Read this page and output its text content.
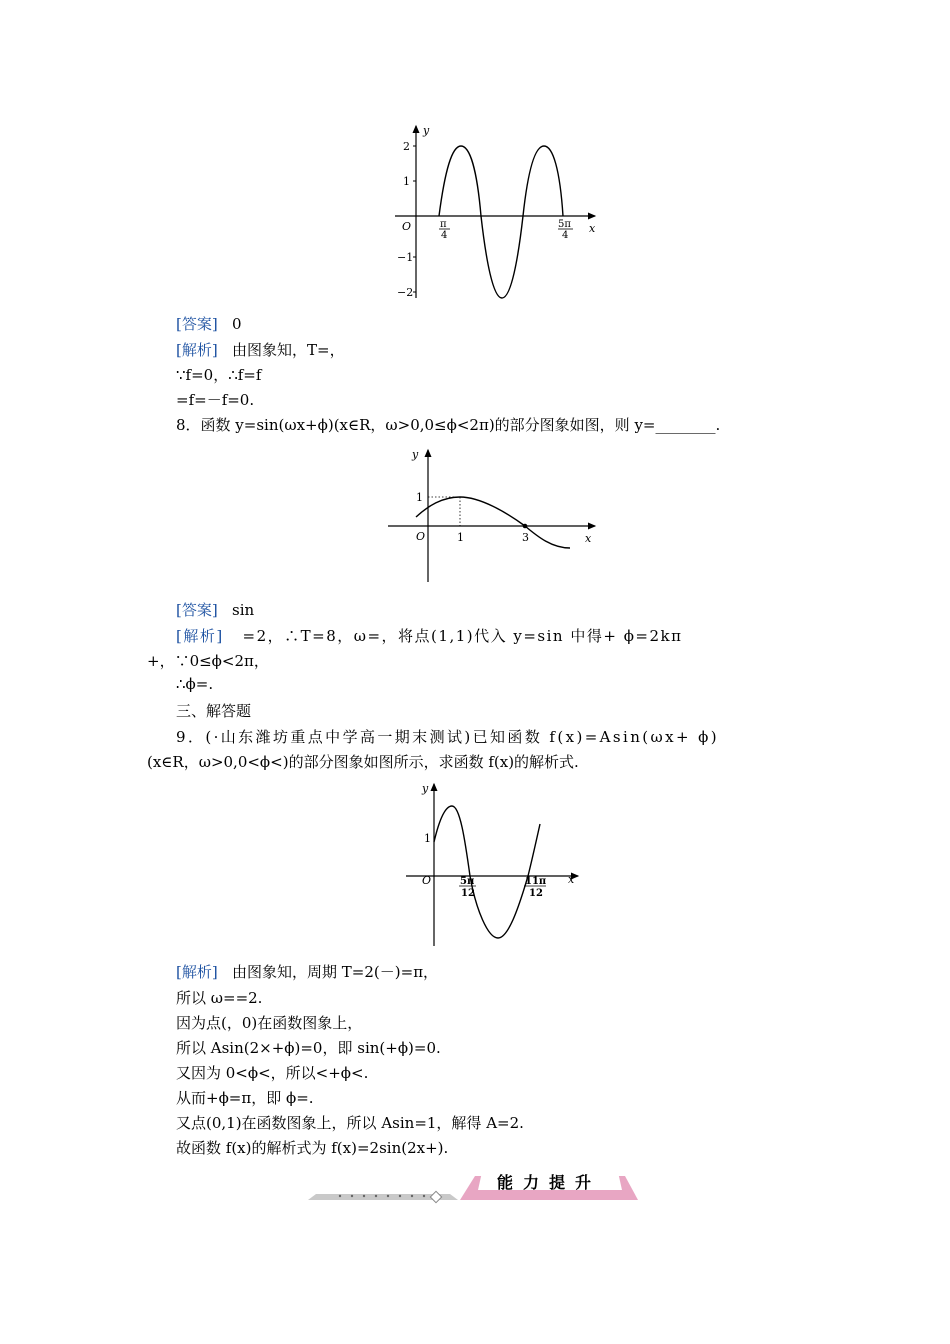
y
x
O
2
1
−1
−2
π
4
5π
4
[答案] 0
[解析] 由图象知，T=，
∵f=0，∴f=f
=f=－f=0.
8．函数 y=sin(ωx+ϕ)(x∈R，ω>0,0≤ϕ<2π)的部分图象如图，则 y=________.
y
x
O
1
1	3
[答案] sin
[解析] =2，∴T=8，ω=，将点(1,1)代入 y=sin 中得+ ϕ=2kπ
+，∵0≤ϕ<2π，
∴ϕ=.
三、解答题
9．(·山东潍坊重点中学高一期末测试)已知函数 f(x)=Asin(ωx+ ϕ)
(x∈R，ω>0,0<ϕ<)的部分图象如图所示，求函数 f(x)的解析式.
y
x
O
1
5π
12
11π
12
[解析] 由图象知，周期 T=2(－)=π，
所以 ω==2.
因为点(，0)在函数图象上，
所以 Asin(2×+ϕ)=0，即 sin(+ϕ)=0.
又因为 0<ϕ<，所以<+ϕ<.
从而+ϕ=π，即 ϕ=.
又点(0,1)在函数图象上，所以 Asin=1，解得 A=2.
故函数 f(x)的解析式为 f(x)=2sin(2x+).
能力提升
